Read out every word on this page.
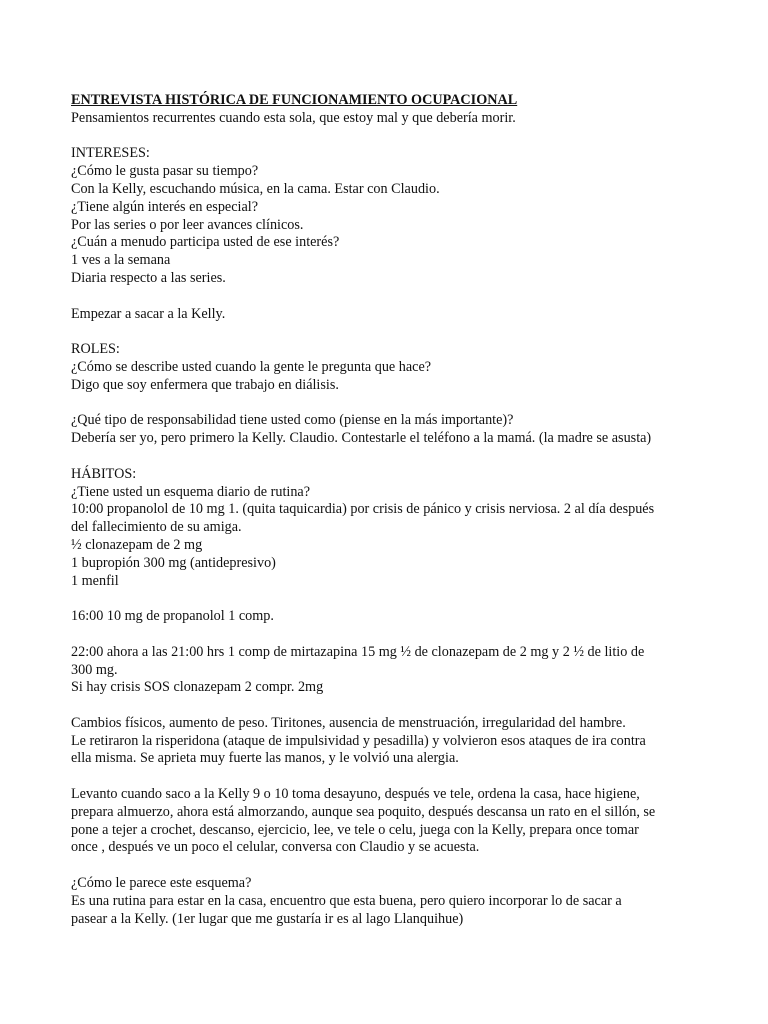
ENTREVISTA HISTÓRICA DE FUNCIONAMIENTO OCUPACIONAL
Pensamientos recurrentes cuando esta sola, que estoy mal y que debería morir.
INTERESES:
¿Cómo le gusta pasar su tiempo?
Con la Kelly, escuchando música, en la cama. Estar con Claudio.
¿Tiene algún interés en especial?
Por las series o por leer avances clínicos.
¿Cuán a menudo participa usted de ese interés?
1 ves a la semana
Diaria respecto a las series.
Empezar a sacar a la Kelly.
ROLES:
¿Cómo se describe usted cuando la gente le pregunta que hace?
Digo que soy enfermera que trabajo en diálisis.
¿Qué tipo de responsabilidad tiene usted como (piense en la más importante)?
Debería ser yo, pero primero la Kelly. Claudio. Contestarle el teléfono a la mamá. (la madre se asusta)
HÁBITOS:
¿Tiene usted un esquema diario de rutina?
10:00 propanolol de 10 mg 1. (quita taquicardia) por crisis de pánico y crisis nerviosa. 2 al día después
del fallecimiento de su amiga.
½ clonazepam de 2 mg
1 bupropión 300 mg (antidepresivo)
1 menfil
16:00 10 mg de propanolol 1 comp.
22:00 ahora a las 21:00 hrs 1 comp de mirtazapina 15 mg ½ de clonazepam de 2 mg y 2 ½ de litio de
300 mg.
Si hay crisis SOS clonazepam 2 compr. 2mg
Cambios físicos, aumento de peso. Tiritones, ausencia de menstruación, irregularidad del hambre.
Le retiraron la risperidona (ataque de impulsividad y pesadilla) y volvieron esos ataques de ira contra
ella misma. Se aprieta muy fuerte las manos, y le volvió una alergia.
Levanto cuando saco a la Kelly 9 o 10 toma desayuno, después ve tele, ordena la casa, hace higiene,
prepara almuerzo, ahora está almorzando, aunque sea poquito, después descansa un rato en el sillón, se
pone a tejer a crochet, descanso, ejercicio, lee, ve tele o celu, juega con la Kelly, prepara once tomar
once , después ve un poco el celular, conversa con Claudio y se acuesta.
¿Cómo le parece este esquema?
Es una rutina para estar en la casa, encuentro que esta buena, pero quiero incorporar lo de sacar a
pasear a la Kelly. (1er lugar que me gustaría ir es al lago Llanquihue)
